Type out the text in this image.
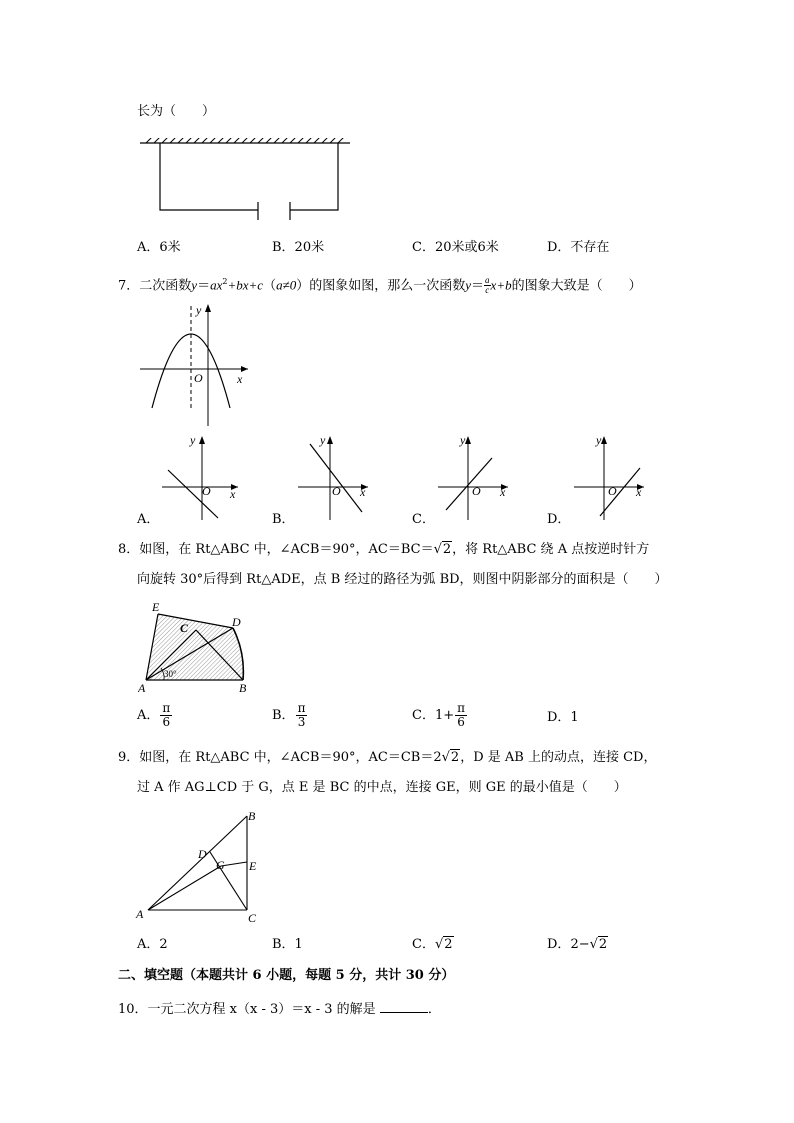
长为（　　）
A．6米	B．20米	C．20米或6米	D．不存在
7．二次函数$y=ax^2+bx+c(a\ne 0)$的图象如图，那么一次函数$y= \frac{a}{c} x+b$的图象大致是（　　）
y
x
O
y
x
O
y
x
O
y
x
O
y
x
O
A．	B．	C．	D．
8．如图，在 Rt△ABC 中，∠ACB＝90°，AC＝BC＝√2，将 Rt△ABC 绕 A 点按逆时针方
向旋转 30°后得到 Rt△ADE，点 B 经过的路径为弧 BD，则图中阴影部分的面积是（　　）
E
D
C
A	B
30°
A． $\frac{\pi}{6}$	B． $\frac{\pi}{3}$	C．$1+ \frac{\pi}{6}$	D．1
9．如图，在 Rt△ABC 中，∠ACB＝90°，AC＝CB＝2√2，D 是 AB 上的动点，连接 CD，
过 A 作 AG⊥CD 于 G，点 E 是 BC 的中点，连接 GE，则 GE 的最小值是（　　）
B
D
G E
A	C
A．2	B．1	C．√2	D．2−√2
二、填空题（本题共计 6 小题，每题 5 分，共计 30 分）
10．一元二次方程 x（x - 3）＝x - 3 的解是	．
